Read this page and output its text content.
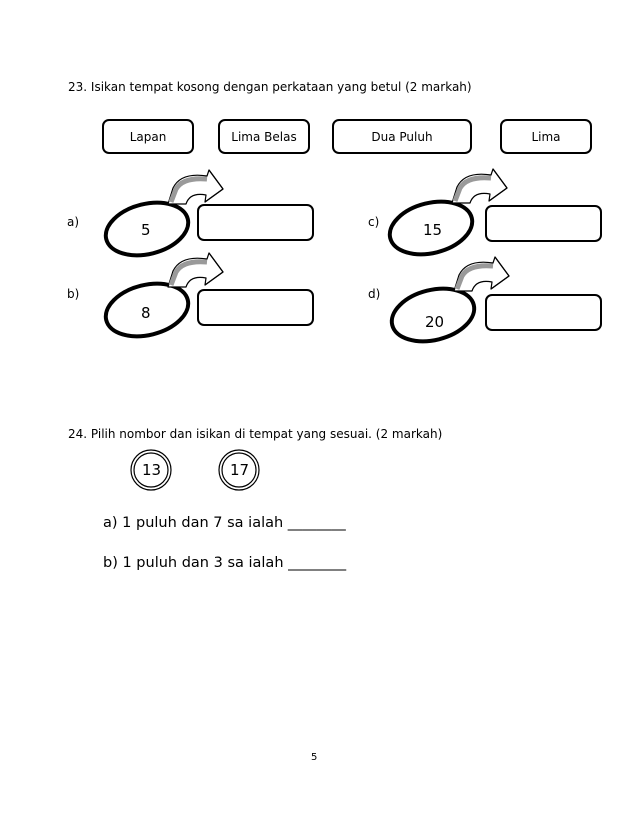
23. Isikan tempat kosong dengan perkataan yang betul (2 markah)
Lapan	Lima Belas	Dua Puluh	Lima
a)
b)
c)
d)
5
8
15
20
24. Pilih nombor dan isikan di tempat yang sesuai. (2 markah)
13	17
a) 1 puluh dan 7 sa ialah ________
b) 1 puluh dan 3 sa ialah ________
5
